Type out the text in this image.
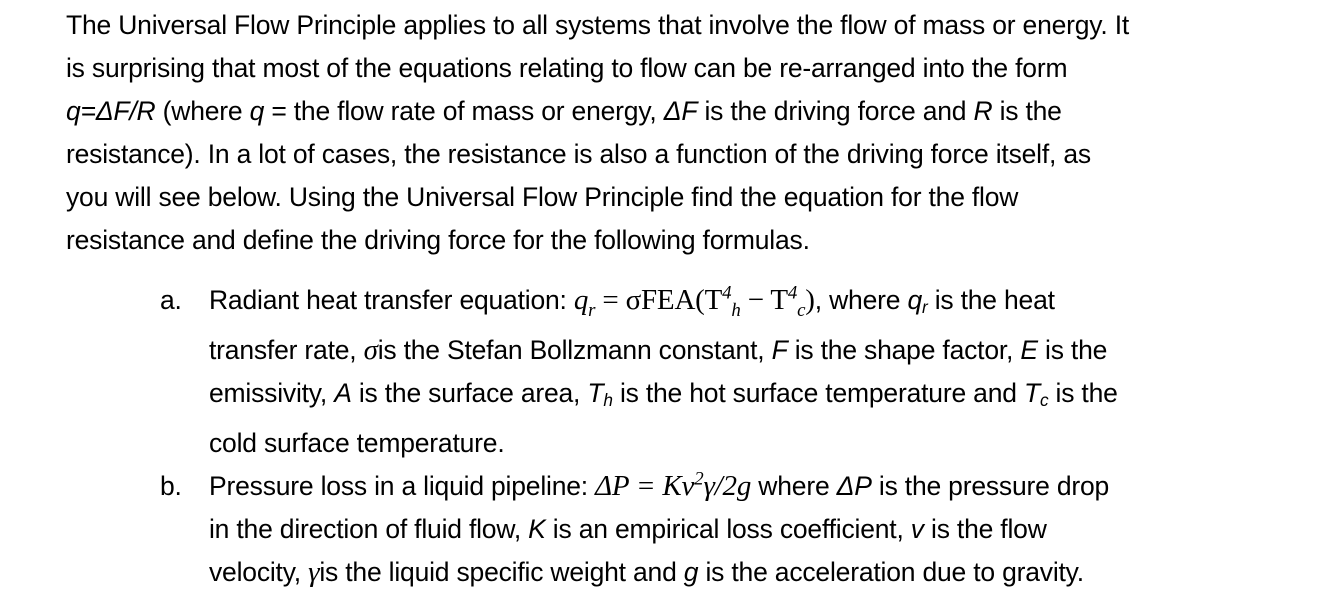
The Universal Flow Principle applies to all systems that involve the flow of mass or energy. It
is surprising that most of the equations relating to flow can be re-arranged into the form
q=ΔF/R (where q = the flow rate of mass or energy, ΔF is the driving force and R is the
resistance). In a lot of cases, the resistance is also a function of the driving force itself, as
you will see below. Using the Universal Flow Principle find the equation for the flow
resistance and define the driving force for the following formulas.
a. Radiant heat transfer equation: $q_r = \sigma FEA(T^4_h - T^4_c)$, where qr is the heat
transfer rate, σis the Stefan Bollzmann constant, F is the shape factor, E is the
emissivity, A is the surface area, Th is the hot surface temperature and Tc is the
cold surface temperature.
b. Pressure loss in a liquid pipeline: $\Delta P = Kv^2\gamma/2g$ where ΔP is the pressure drop
in the direction of fluid flow, K is an empirical loss coefficient, v is the flow
velocity, γis the liquid specific weight and g is the acceleration due to gravity.
